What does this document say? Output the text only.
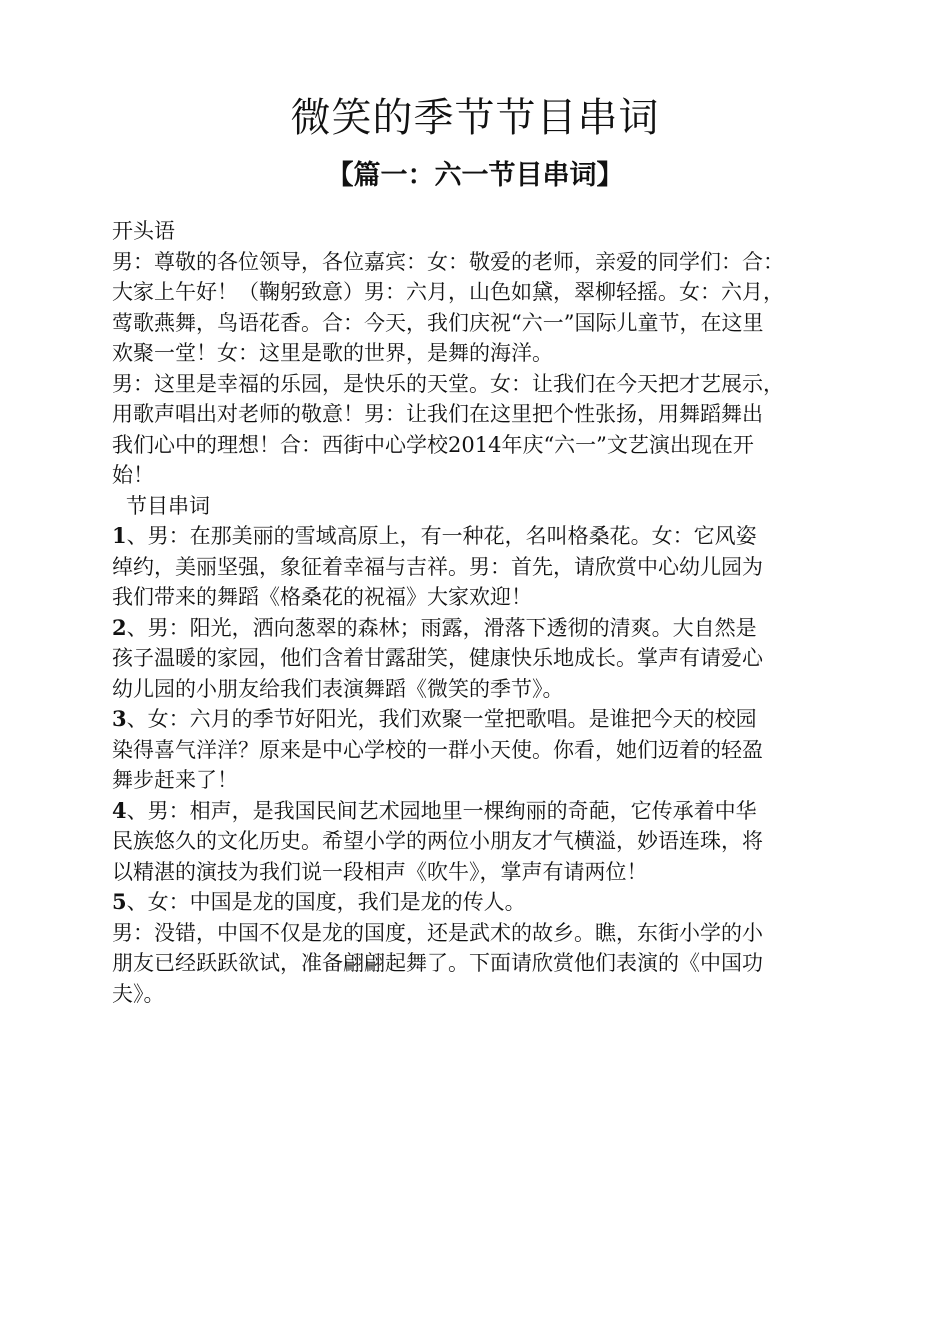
微笑的季节节目串词
【篇一：六一节目串词】
开头语
男：尊敬的各位领导，各位嘉宾：女：敬爱的老师，亲爱的同学们：合：
大家上午好！（鞠躬致意）男：六月，山色如黛，翠柳轻摇。女：六月，
莺歌燕舞，鸟语花香。合：今天，我们庆祝“六一”国际儿童节，在这里
欢聚一堂！女：这里是歌的世界，是舞的海洋。
男：这里是幸福的乐园，是快乐的天堂。女：让我们在今天把才艺展示，
用歌声唱出对老师的敬意！男：让我们在这里把个性张扬，用舞蹈舞出
我们心中的理想！合：西街中心学校2014年庆“六一”文艺演出现在开
始！
节目串词
1、男：在那美丽的雪域高原上，有一种花，名叫格桑花。女：它风姿
绰约，美丽坚强，象征着幸福与吉祥。男：首先，请欣赏中心幼儿园为
我们带来的舞蹈《格桑花的祝福》大家欢迎！
2、男：阳光，洒向葱翠的森林；雨露，滑落下透彻的清爽。大自然是
孩子温暖的家园，他们含着甘露甜笑，健康快乐地成长。掌声有请爱心
幼儿园的小朋友给我们表演舞蹈《微笑的季节》。
3、女：六月的季节好阳光，我们欢聚一堂把歌唱。是谁把今天的校园
染得喜气洋洋？原来是中心学校的一群小天使。你看，她们迈着的轻盈
舞步赶来了！
4、男：相声，是我国民间艺术园地里一棵绚丽的奇葩，它传承着中华
民族悠久的文化历史。希望小学的两位小朋友才气横溢，妙语连珠，将
以精湛的演技为我们说一段相声《吹牛》，掌声有请两位！
5、女：中国是龙的国度，我们是龙的传人。
男：没错，中国不仅是龙的国度，还是武术的故乡。瞧，东街小学的小
朋友已经跃跃欲试，准备翩翩起舞了。下面请欣赏他们表演的《中国功
夫》。
